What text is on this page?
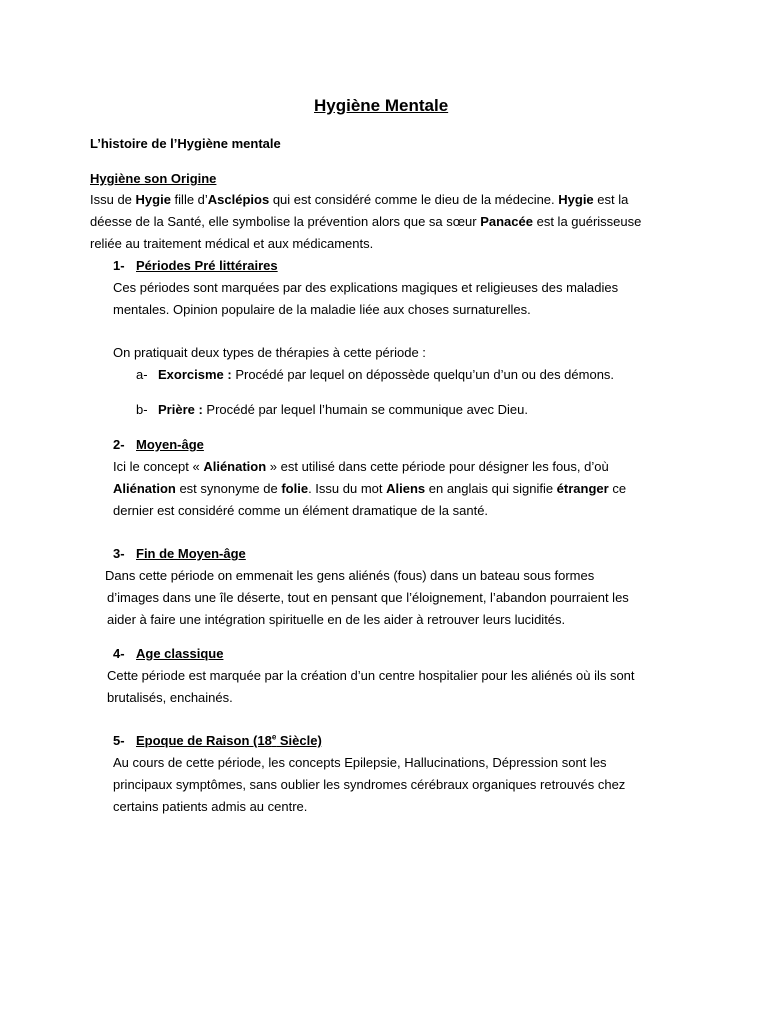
Hygiène Mentale
L’histoire de l’Hygiène mentale
Hygiène son Origine
Issu de Hygie fille d’Asclépios qui est considéré comme le dieu de la médecine. Hygie est la
déesse de la Santé, elle symbolise la prévention alors que sa sœur Panacée est la guérisseuse
reliée au traitement médical et aux médicaments.
1- Périodes Pré littéraires
Ces périodes sont marquées par des explications magiques et religieuses des maladies
mentales. Opinion populaire de la maladie liée aux choses surnaturelles.
On pratiquait deux types de thérapies à cette période :
a- Exorcisme : Procédé par lequel on dépossède quelqu’un d’un ou des démons.
b- Prière : Procédé par lequel l’humain se communique avec Dieu.
2- Moyen-âge
Ici le concept « Aliénation » est utilisé dans cette période pour désigner les fous, d’où
Aliénation est synonyme de folie. Issu du mot Aliens en anglais qui signifie étranger ce
dernier est considéré comme un élément dramatique de la santé.
3- Fin de Moyen-âge
Dans cette période on emmenait les gens aliénés (fous) dans un bateau sous formes
d’images dans une île déserte, tout en pensant que l’éloignement, l’abandon pourraient les
aider à faire une intégration spirituelle en de les aider à retrouver leurs lucidités.
4- Age classique
Cette période est marquée par la création d’un centre hospitalier pour les aliénés où ils sont
brutalisés, enchainés.
5- Epoque de Raison (18e Siècle)
Au cours de cette période, les concepts Epilepsie, Hallucinations, Dépression sont les
principaux symptômes, sans oublier les syndromes cérébraux organiques retrouvés chez
certains patients admis au centre.
